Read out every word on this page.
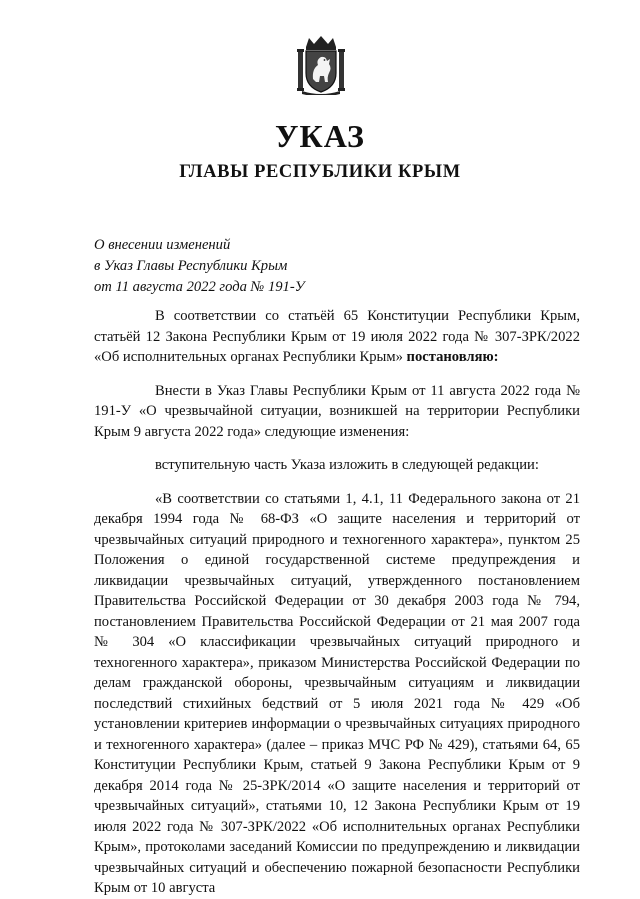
УКАЗ
ГЛАВЫ РЕСПУБЛИКИ КРЫМ
О внесении изменений
в Указ Главы Республики Крым
от 11 августа 2022 года № 191-У

В соответствии со статьёй 65 Конституции Республики Крым, статьёй 12 Закона Республики Крым от 19 июля 2022 года № 307-ЗРК/2022 «Об исполнительных органах Республики Крым» постановляю:

Внести в Указ Главы Республики Крым от 11 августа 2022 года № 191-У «О чрезвычайной ситуации, возникшей на территории Республики Крым 9 августа 2022 года» следующие изменения:

вступительную часть Указа изложить в следующей редакции:

«В соответствии со статьями 1, 4.1, 11 Федерального закона от 21 декабря 1994 года № 68-ФЗ «О защите населения и территорий от чрезвычайных ситуаций природного и техногенного характера», пунктом 25 Положения о единой государственной системе предупреждения и ликвидации чрезвычайных ситуаций, утвержденного постановлением Правительства Российской Федерации от 30 декабря 2003 года № 794, постановлением Правительства Российской Федерации от 21 мая 2007 года № 304 «О классификации чрезвычайных ситуаций природного и техногенного характера», приказом Министерства Российской Федерации по делам гражданской обороны, чрезвычайным ситуациям и ликвидации последствий стихийных бедствий от 5 июля 2021 года № 429 «Об установлении критериев информации о чрезвычайных ситуациях природного и техногенного характера» (далее – приказ МЧС РФ № 429), статьями 64, 65 Конституции Республики Крым, статьей 9 Закона Республики Крым от 9 декабря 2014 года № 25-ЗРК/2014 «О защите населения и территорий от чрезвычайных ситуаций», статьями 10, 12 Закона Республики Крым от 19 июля 2022 года № 307-ЗРК/2022 «Об исполнительных органах Республики Крым», протоколами заседаний Комиссии по предупреждению и ликвидации чрезвычайных ситуаций и обеспечению пожарной безопасности Республики Крым от 10 августа
